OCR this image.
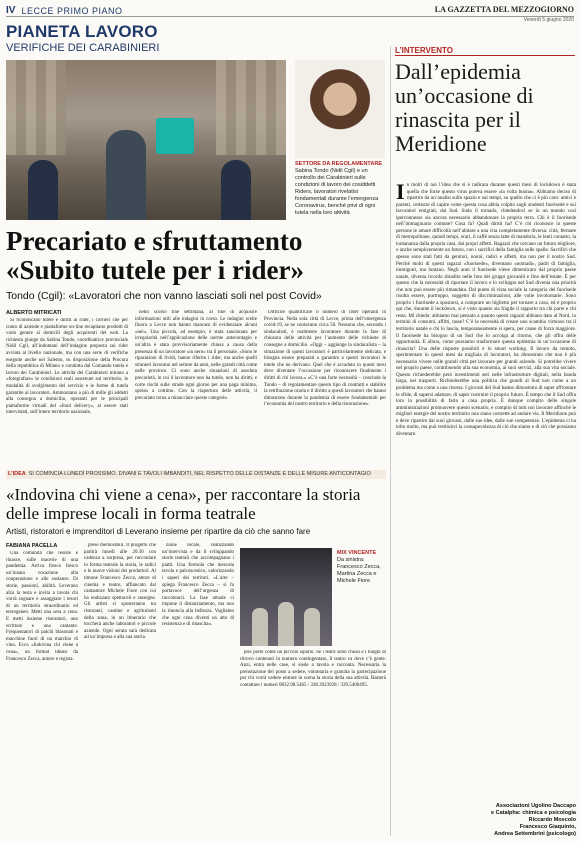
IV LECCE PRIMO PIANO	LA GAZZETTA DEL MEZZOGIORNO
Venerdì 5 giugno 2020
PIANETA LAVORO
VERIFICHE DEI CARABINIERI
SETTORE DA REGOLAMENTARE
Sabina Tondo (Nidil Cgil) e un controllo dei Carabinieri sulle condizioni di lavoro dei cosiddetti Riders, lavoratori rivelatisi fondamentali durante l’emergenza Coronavirus, benché privi di ogni tutela nella loro attività
L’INTERVENTO
Dall’epidemia un’occasione di rinascita per il Meridione
In molti di noi l’idea che si è radicata durante questi mesi di lockdown è stata quella che forse questo virus poteva essere «la volta buona». Abbiamo deciso di ripartire da un’analisi sullo spazio e sui tempi, su quello che ci è più caro: amici e parenti, certezze di capire come questa cosa abbia colpito sugli studenti fuorisede e sui lavoratori emigrati, dal Sud. Sudo il tornado, chiedendoci se in un mondo così iperconnesso sia ancora necessario abbandonare la propria terra. Chi è il fuorisede nell’immaginario comune? Cosa fa? Quali diritti ha? C’è chi riconosce in queste persone le amare difficoltà nell’abitare a una vita completamente diversa: città, fermate di metropolitane, quindi tempi, orari, il caffè senza latte di mandorla, le lenti contatto, la lontananza dalla propria casa, dai propri affetti. Ragazzi che cercano un futuro migliore, o anche semplicemente un futuro, con i sacrifici della famiglia sulle spalle. Sacrifici che spesso sono stati fatti da genitori, nonni, radici e affetti, ma non per il nostro Sud. Perché molti di questi ragazzi «fuorisede», diventano «nomadi», padri di famiglia, immigrati, ma lontano. Negli anni il fuorisede viene dimenticato dal proprio paese natale, diventa ricordo sbiadito nelle foto dei gruppi giovanili e fine dell’estate. È per questo che la necessità di riportare il lavoro e lo sviluppo nel Sud diventa una priorità che non può essere più rimandata. Dal punto di vista sociale la categoria dei fuorisede risulta essere, purtroppo, soggetto di discriminazioni, alle volte involontarie. Sono proprio i fuorisede a spostarsi, a comprare un biglietto per tornare a casa, ed è proprio qui che, durante il lockdown, si è visto quanto sia fragile il rapporto tra chi parte e chi resta. Mi chiedo: abbiamo mai pensato a quanto questi ragazzi abbiano dato al Nord, in termini di consumi, affitti, tasse? C’è la necessità di creare uno scambio virtuoso tra il territorio natale e chi lo lascia, temporaneamente si spera, per cause di forza maggiore. Il fuorisede ha bisogno di un Sud che lo accolga al ritorno, che gli offra delle opportunità. E allora, come possiamo trasformare questa epidemia in un’occasione di rinascita? Una delle risposte possibili è lo smart working. Il lavoro da remoto, sperimentato in questi mesi da migliaia di lavoratori, ha dimostrato che non è più necessario vivere nelle grandi città per lavorare per grandi aziende. Si potrebbe vivere nel proprio paese, contribuendo alla sua economia, ai suoi servizi, alla sua vita sociale. Questo richiederebbe però investimenti seri nelle infrastrutture digitali, nella banda larga, nei trasporti. Richiederebbe una politica che guardi al Sud non come a un problema ma come a una risorsa. I giovani del Sud hanno dimostrato di saper affrontare le sfide, di sapersi adattare, di saper costruire il proprio futuro. È tempo che il Sud offra loro la possibilità di farlo a casa propria. È dunque compito delle singole amministrazioni promuovere questo scenario, e compito di tutti noi lavorare affinché le migliori energie del nostro territorio non siano costrette ad andare via. Il Meridione può e deve ripartire dai suoi giovani, dalle sue idee, dalle sue competenze. L’epidemia ci ha tolto molto, ma può restituirci la consapevolezza di ciò che siamo e di ciò che possiamo diventare.
Associazioni Ugolino Daccapo
e Catalpha: chimica e psicologia
Riccardo Moscolo
Francesco Giaquinto,
Andrea Settembrini (psicologo)
Precariato e sfruttamento «Subito tutele per i rider»
Tondo (Cgil): «Lavoratori che non vanno lasciati soli nel post Covid»
ALBERTO MITRICATI

Si riconoscano tutele e diritti ai rider, i corrieri che per conto di aziende e piattaforme on-line recapitano prodotti di vario genere ai domicili degli acquirenti del web. La richiesta giunge da Sabina Tondo, coordinatrice provinciale Nidil Cgil, all’indomani dell’indagine preposta sui rider avviata al livello nazionale, ma con una serie di verifiche eseguite anche nel Salento, su disposizione della Procura della repubblica di Milano e condotta dal Comando tutela e lavoro dei Carabinieri. Le attività dei Carabinieri mirano a «fotografare» le condizioni reali sostenute sul territorio, le modalità di svolgimento del servizio e le forme di tutela garantite ai lavoratori. Ammontano a più di mille gli addetti alla consegna a domicilio, operanti per le principali piattaforme virtuali del «food delivery», al essere stati intervistati, sull’intero territorio nazionale,

nello scorso fine settimana, al fine di acquisire informazioni utili alle indagini in corso. Le indagini scelte finora a Lecce non hanno mancato di evidenziare alcuni «nei». Una piccola, ad esempio, è stata sanzionata per irregolarità nell’applicazione delle norme antecontagio e un’altra è stata provvisoriamente chiusa a causa della presenza di un lavoratore «in nero» tra il personale. «Sono le riparazioni di lividi, hanno riferito i rider, ma anche quelli stranieri lavorano nel settore da anni, nelle grandi città come nelle province. Ci sono anche situazioni di assoluta precarietà, in cui il lavoratore non ha tutele, non ha diritti, e corre rischi sulle strade ogni giorno per una paga minima, spesso a cottimo. Con la riapertura delle attività, il precariato torna a minacciare queste categorie.

Difficile quantificare il numero di rider operanti in Provincia. Nella sola città di Lecce, prima dell’emergenza covid-19, se ne contavano circa 50. Nessuno che, secondo i sindacalisti, è realmente lavoratore durante la fase di chiusura delle attività per l’aumento delle richieste di consegne a domicilio. «Oggi – aggiunge la sindacalista – la situazione di questi lavoratori è particolarmente delicata, e bisogna essere preparati a garantire a questi lavoratori le tutele che ne derivano. Quel che è accaduto in questi mesi deve diventare l’occasione per riconoscere finalmente i diritti di chi lavora.» «C’è una forte necessità – conclude la Tondo – di regolamentare questo tipo di contratti e stabilire la retribuzione oraria e il diritto a questi lavoratori che hanno dimostrato durante la pandemia di essere fondamentali per l’economia del nostro territorio e della ristorazione».

L’IDEA SI COMINCIA LUNEDÌ PROSSIMO. DIVANI E TAVOLI IMBANDITI, NEL RISPETTO DELLE DISTANZE E DELLE MISURE ANTICONTAGIO
«Indovina chi viene a cena», per raccontare la storia delle imprese locali in forma teatrale
Artisti, ristoratori e imprenditori di Leverano insieme per ripartire da ciò che sanno fare
FABIANA PACELLA

Una comunità che resiste e rinasce, sulle macerie di una pandemia. Arriva fresco fresco un’innata vocazione alla cooperazione e alle sostanze. Di storie, passioni, abilità. Leverano alza la testa e invita a tavola chi vorrà sognare e assaggiare i tesori di un territorio straordinario ed eterogeneo. Metti una sera a cena. E metti insieme ristoratori, uno scrittore e una cantante. Frequentatori di palchi blasonati e macchine fuori di un marchio di vino. Ecco «Indovina chi viene a cena», un format ideato da Francesco Zecca, autore e regista.

prese memorabili. Il progetto che partirà lunedì alle 20.30 con cadenza a sorpresa, per raccontare in forma teatrale la storia, le radici e le nuove visioni dei produttori. Al timone Francesco Zecca, attore di cinema e teatro, affiancato dal cantautore Michele Fiore con cui ha realizzato spettacoli e rassegne. Gli artisti si sposteranno tra ristoranti, cantine e agriturismi della zona, in un itinerario che toccherà anche laboratori e piccole aziende. Ogni serata sarà dedicata ad un’impresa e alla sua storia.

zione locale, realizzando un’intervista e da lì sviluppando storie teatrali che accompagnano i piatti. Una formula che mescola tavola e palcoscenico, valorizzando i saperi dei territori. «L’arte – spiega Francesco Zecca – si fa portavoce dell’urgenza di raccontarci. La fase attuale ci impone il distanziamento, ma non la rinuncia alla bellezza. Vogliamo che ogni cena diventi un atto di resistenza e di rinascita».

MIX VINCENTE
Da sinistra: Francesco Zecca, Martina Zecca e Michele Fiore

prie porte come un piccolo sipario. Se i teatri sono chiusi e i luoghi di ritrovo contenuti in numero contingentato, il teatro va dove c’è gente. Anzi, entra nelle case, si siede a tavola e racconta. Necessaria la prenotazione del posto a sedere, volontaria e gratuita la partecipazione per chi vorrà vedere entrare in scena la storia della sua attività. Basterà contattare i numeri 0832.98.5465 / 338.3923928 / 339.5406495.
